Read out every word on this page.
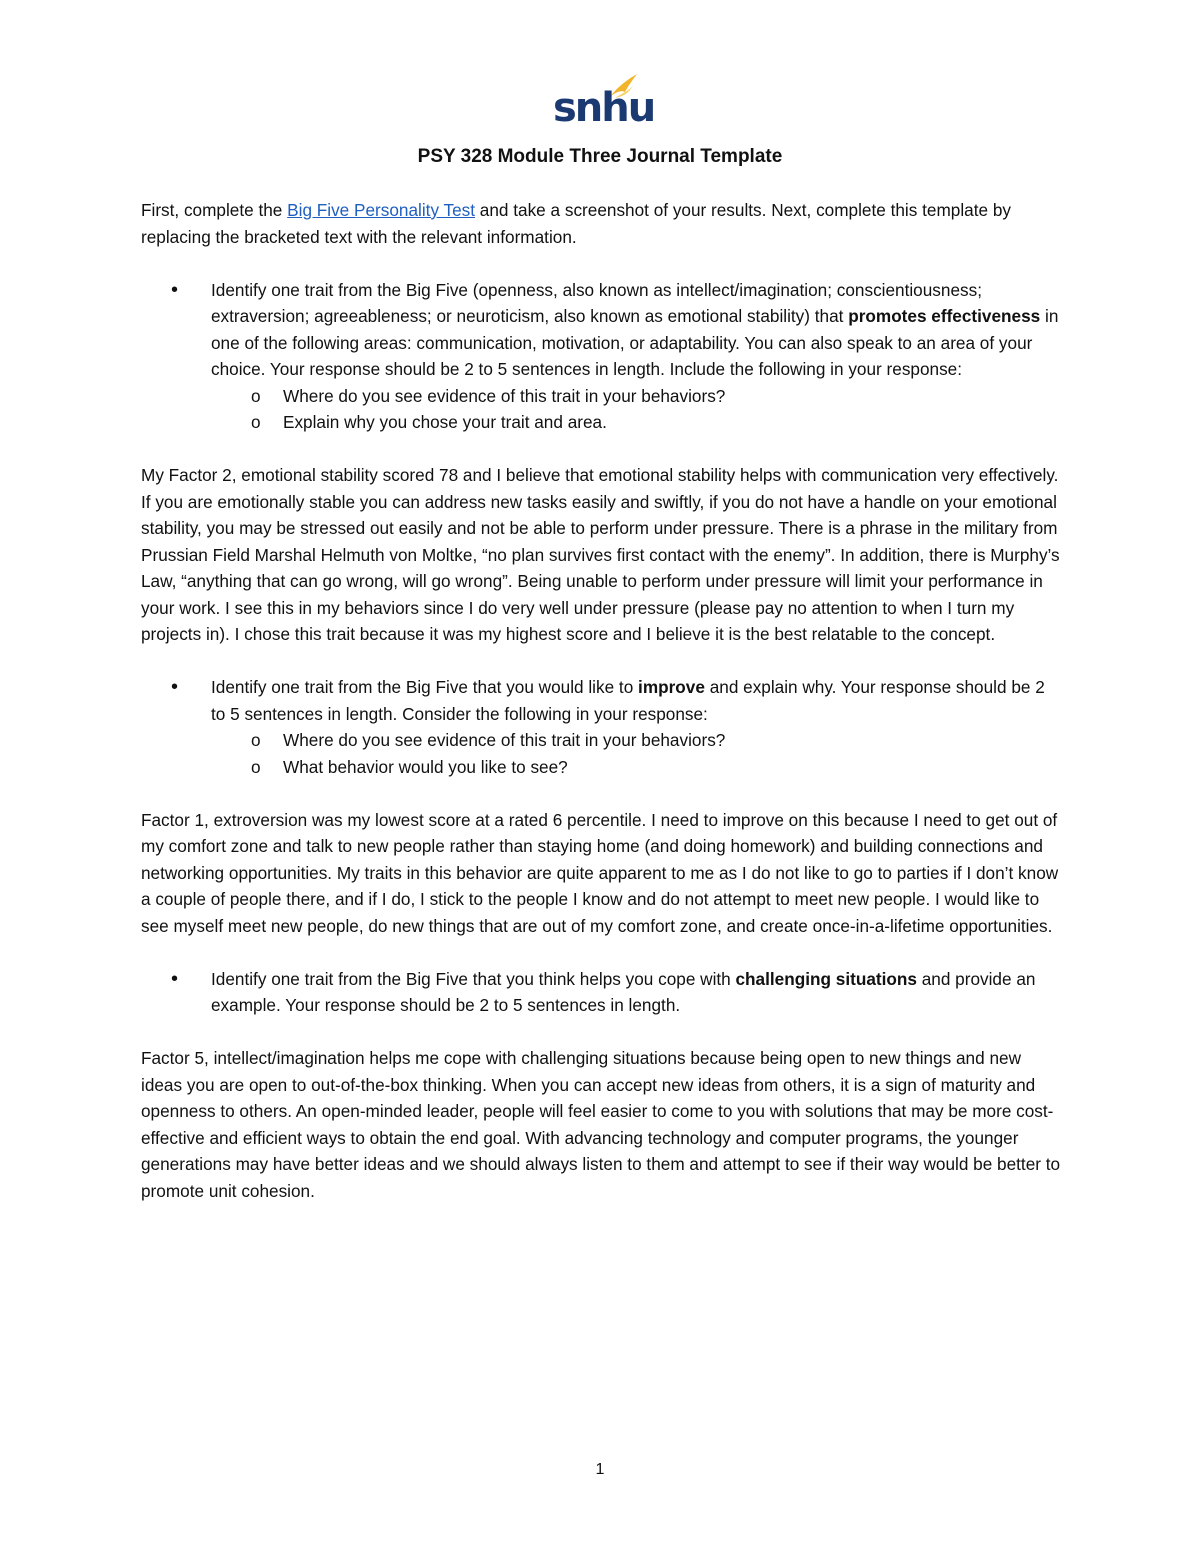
snhu
PSY 328 Module Three Journal Template

First, complete the Big Five Personality Test and take a screenshot of your results. Next, complete this template by replacing the bracketed text with the relevant information.

• Identify one trait from the Big Five (openness, also known as intellect/imagination; conscientiousness; extraversion; agreeableness; or neuroticism, also known as emotional stability) that promotes effectiveness in one of the following areas: communication, motivation, or adaptability. You can also speak to an area of your choice. Your response should be 2 to 5 sentences in length. Include the following in your response:
o Where do you see evidence of this trait in your behaviors?
o Explain why you chose your trait and area.

My Factor 2, emotional stability scored 78 and I believe that emotional stability helps with communication very effectively. If you are emotionally stable you can address new tasks easily and swiftly, if you do not have a handle on your emotional stability, you may be stressed out easily and not be able to perform under pressure. There is a phrase in the military from Prussian Field Marshal Helmuth von Moltke, “no plan survives first contact with the enemy”. In addition, there is Murphy’s Law, “anything that can go wrong, will go wrong”. Being unable to perform under pressure will limit your performance in your work. I see this in my behaviors since I do very well under pressure (please pay no attention to when I turn my projects in). I chose this trait because it was my highest score and I believe it is the best relatable to the concept.

• Identify one trait from the Big Five that you would like to improve and explain why. Your response should be 2 to 5 sentences in length. Consider the following in your response:
o Where do you see evidence of this trait in your behaviors?
o What behavior would you like to see?

Factor 1, extroversion was my lowest score at a rated 6 percentile. I need to improve on this because I need to get out of my comfort zone and talk to new people rather than staying home (and doing homework) and building connections and networking opportunities. My traits in this behavior are quite apparent to me as I do not like to go to parties if I don’t know a couple of people there, and if I do, I stick to the people I know and do not attempt to meet new people. I would like to see myself meet new people, do new things that are out of my comfort zone, and create once-in-a-lifetime opportunities.

• Identify one trait from the Big Five that you think helps you cope with challenging situations and provide an example. Your response should be 2 to 5 sentences in length.

Factor 5, intellect/imagination helps me cope with challenging situations because being open to new things and new ideas you are open to out-of-the-box thinking. When you can accept new ideas from others, it is a sign of maturity and openness to others. An open-minded leader, people will feel easier to come to you with solutions that may be more cost-effective and efficient ways to obtain the end goal. With advancing technology and computer programs, the younger generations may have better ideas and we should always listen to them and attempt to see if their way would be better to promote unit cohesion.

1
